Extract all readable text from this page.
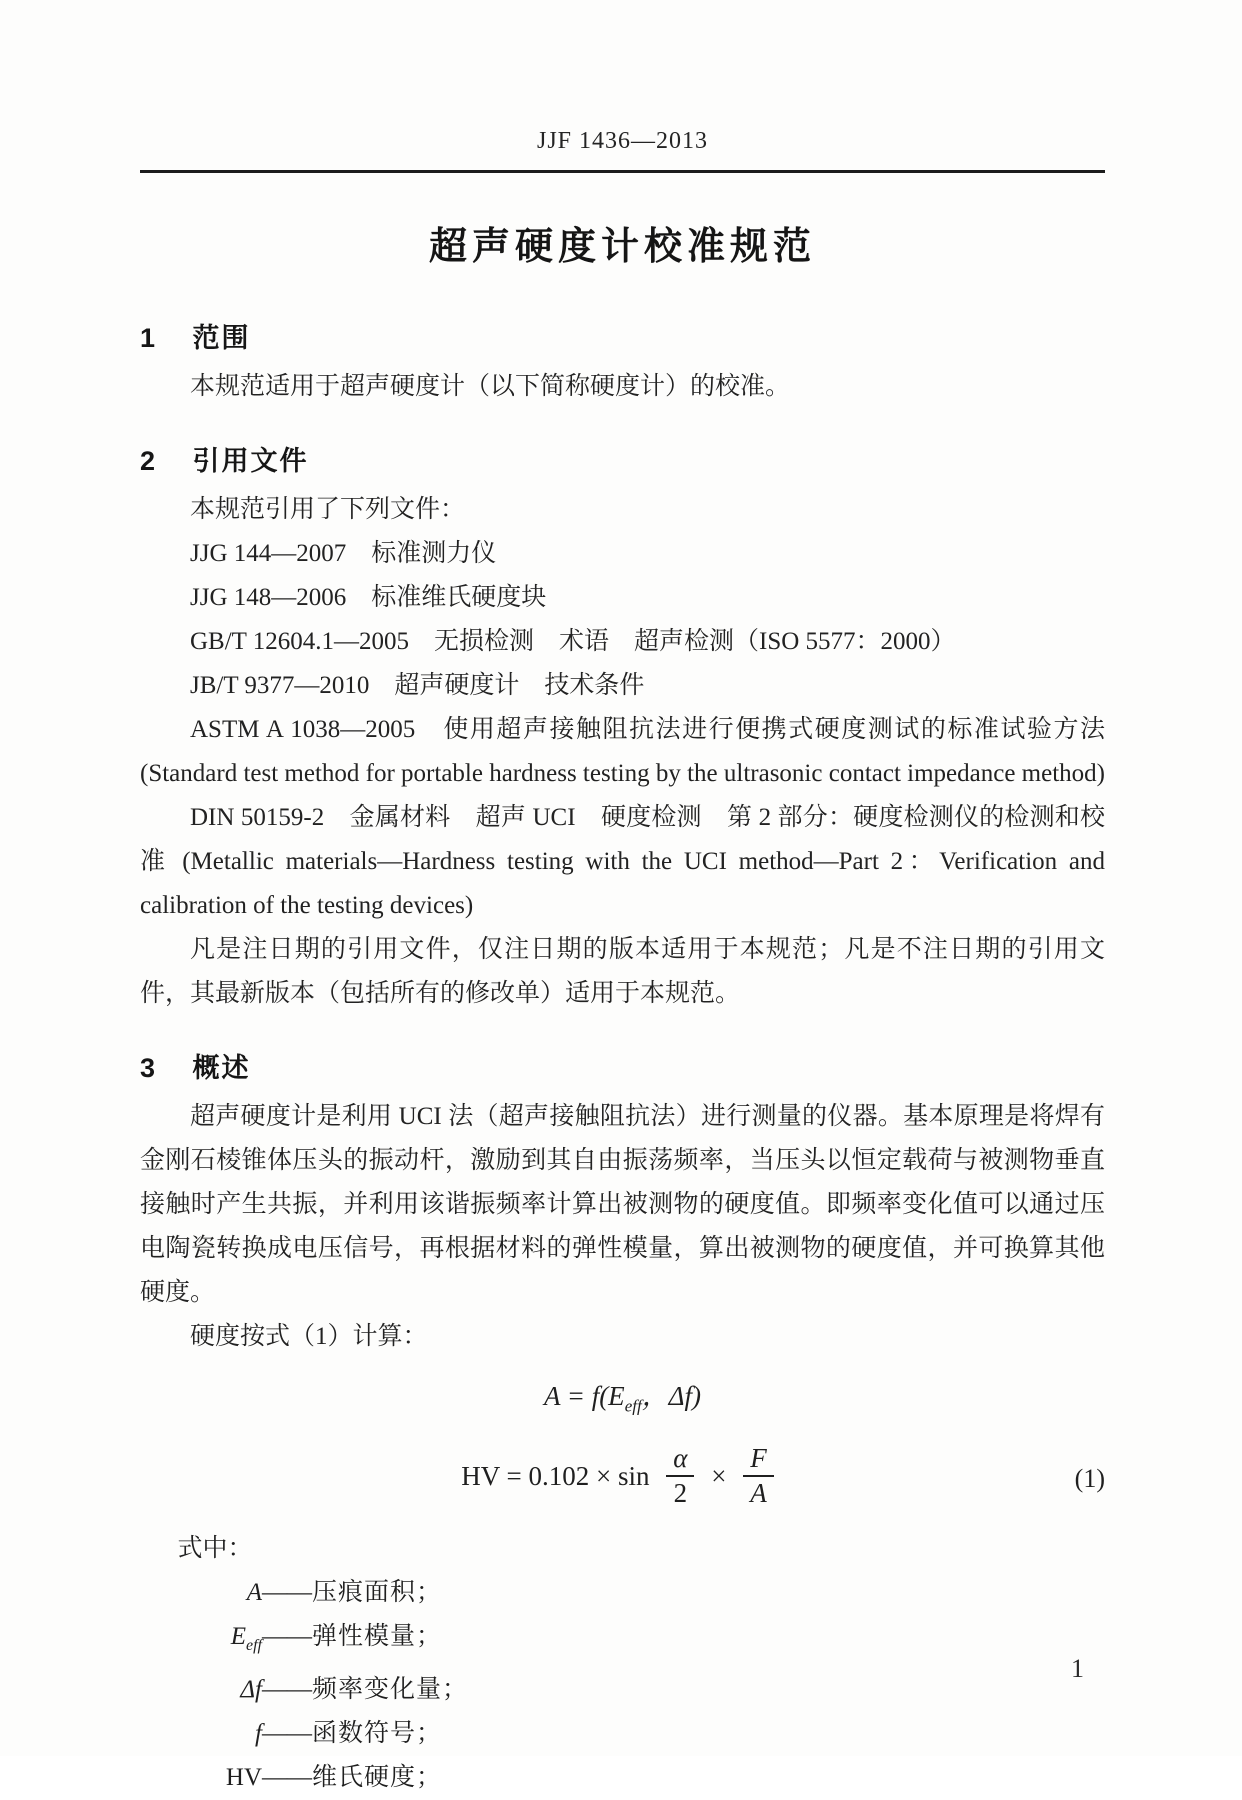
JJF 1436—2013
超声硬度计校准规范
1 范围

本规范适用于超声硬度计（以下简称硬度计）的校准。

2 引用文件

本规范引用了下列文件：

JJG 144—2007　标准测力仪

JJG 148—2006　标准维氏硬度块

GB/T 12604.1—2005　无损检测　术语　超声检测（ISO 5577：2000）

JB/T 9377—2010　超声硬度计　技术条件

ASTM A 1038—2005　使用超声接触阻抗法进行便携式硬度测试的标准试验方法 (Standard test method for portable hardness testing by the ultrasonic contact impedance method)

DIN 50159-2　金属材料　超声 UCI　硬度检测　第 2 部分：硬度检测仪的检测和校准 (Metallic materials—Hardness testing with the UCI method—Part 2：Verification and calibration of the testing devices)

凡是注日期的引用文件，仅注日期的版本适用于本规范；凡是不注日期的引用文件，其最新版本（包括所有的修改单）适用于本规范。

3 概述

超声硬度计是利用 UCI 法（超声接触阻抗法）进行测量的仪器。基本原理是将焊有金刚石棱锥体压头的振动杆，激励到其自由振荡频率，当压头以恒定载荷与被测物垂直接触时产生共振，并利用该谐振频率计算出被测物的硬度值。即频率变化值可以通过压电陶瓷转换成电压信号，再根据材料的弹性模量，算出被测物的硬度值，并可换算其他硬度。

硬度按式（1）计算：

$A = f(E_{eff}$，Δf)
HV = $0.102 \times \sin \frac{\alpha}{2} \times \frac{F}{A}$	(1)
式中：
A —— 压痕面积；
$E_{eff}$ —— 弹性模量；
Δf —— 频率变化量；
f —— 函数符号；
HV —— 维氏硬度；
1
